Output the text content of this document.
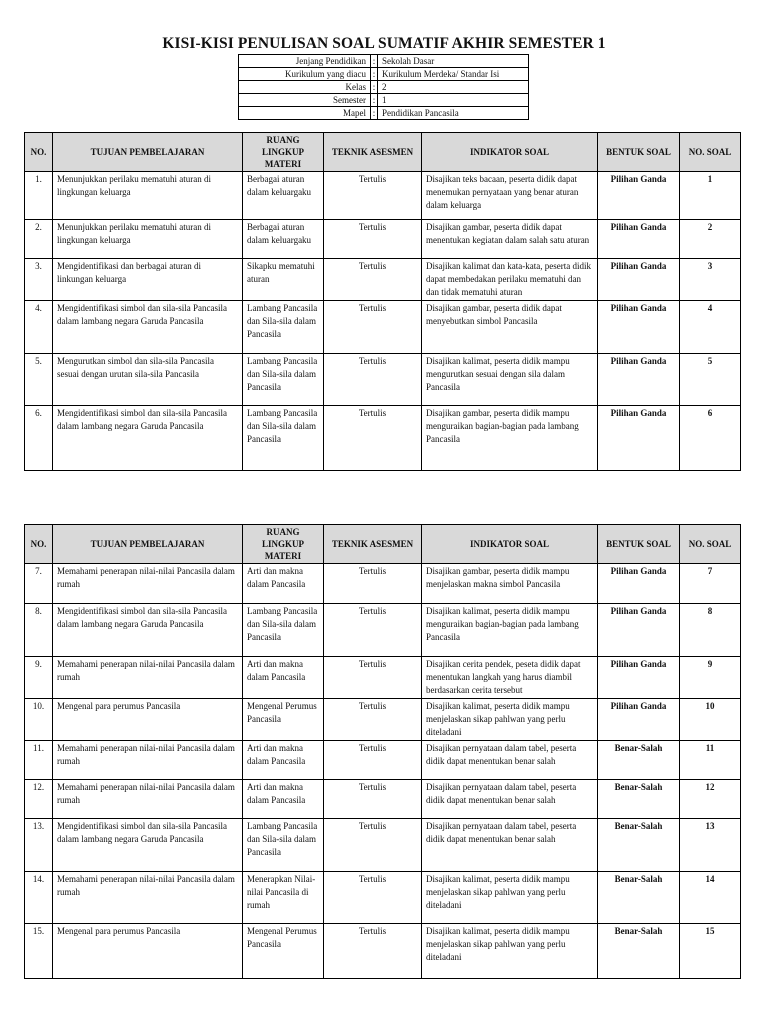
KISI-KISI PENULISAN SOAL SUMATIF AKHIR SEMESTER 1
Jenjang Pendidikan	:	Sekolah Dasar
Kurikulum yang diacu	:	Kurikulum Merdeka/ Standar Isi
Kelas	:	2
Semester	:	1
Mapel	:	Pendidikan Pancasila
NO.	TUJUAN PEMBELAJARAN	RUANG LINGKUP MATERI	TEKNIK ASESMEN	INDIKATOR SOAL	BENTUK SOAL	NO. SOAL
1.	Menunjukkan perilaku mematuhi aturan di lingkungan keluarga	Berbagai aturan dalam keluargaku	Tertulis	Disajikan teks bacaan, peserta didik dapat menemukan pernyataan yang benar aturan dalam keluarga	Pilihan Ganda	1
2.	Menunjukkan perilaku mematuhi aturan di lingkungan keluarga	Berbagai aturan dalam keluargaku	Tertulis	Disajikan gambar, peserta didik dapat menentukan kegiatan dalam salah satu aturan	Pilihan Ganda	2
3.	Mengidentifikasi dan berbagai aturan di linkungan keluarga	Sikapku mematuhi aturan	Tertulis	Disajikan kalimat dan kata-kata, peserta didik dapat membedakan perilaku mematuhi dan dan tidak mematuhi aturan	Pilihan Ganda	3
4.	Mengidentifikasi simbol dan sila-sila Pancasila dalam lambang negara Garuda Pancasila	Lambang Pancasila dan Sila-sila dalam Pancasila	Tertulis	Disajikan gambar, peserta didik dapat menyebutkan simbol Pancasila	Pilihan Ganda	4
5.	Mengurutkan simbol dan sila-sila Pancasila sesuai dengan urutan sila-sila Pancasila	Lambang Pancasila dan Sila-sila dalam Pancasila	Tertulis	Disajikan kalimat, peserta didik mampu mengurutkan sesuai dengan sila dalam Pancasila	Pilihan Ganda	5
6.	Mengidentifikasi simbol dan sila-sila Pancasila dalam lambang negara Garuda Pancasila	Lambang Pancasila dan Sila-sila dalam Pancasila	Tertulis	Disajikan gambar, peserta didik mampu menguraikan bagian-bagian pada lambang Pancasila	Pilihan Ganda	6
NO.	TUJUAN PEMBELAJARAN	RUANG LINGKUP MATERI	TEKNIK ASESMEN	INDIKATOR SOAL	BENTUK SOAL	NO. SOAL
7.	Memahami penerapan nilai-nilai Pancasila dalam rumah	Arti dan makna dalam Pancasila	Tertulis	Disajikan gambar, peserta didik mampu menjelaskan makna simbol Pancasila	Pilihan Ganda	7
8.	Mengidentifikasi simbol dan sila-sila Pancasila dalam lambang negara Garuda Pancasila	Lambang Pancasila dan Sila-sila dalam Pancasila	Tertulis	Disajikan kalimat, peserta didik mampu menguraikan bagian-bagian pada lambang Pancasila	Pilihan Ganda	8
9.	Memahami penerapan nilai-nilai Pancasila dalam rumah	Arti dan makna dalam Pancasila	Tertulis	Disajikan cerita pendek, peseta didik dapat menentukan langkah yang harus diambil berdasarkan cerita tersebut	Pilihan Ganda	9
10.	Mengenal para perumus Pancasila	Mengenal Perumus Pancasila	Tertulis	Disajikan kalimat, peserta didik mampu menjelaskan sikap pahlwan yang perlu diteladani	Pilihan Ganda	10
11.	Memahami penerapan nilai-nilai Pancasila dalam rumah	Arti dan makna dalam Pancasila	Tertulis	Disajikan pernyataan dalam tabel, peserta didik dapat menentukan benar salah	Benar-Salah	11
12.	Memahami penerapan nilai-nilai Pancasila dalam rumah	Arti dan makna dalam Pancasila	Tertulis	Disajikan pernyataan dalam tabel, peserta didik dapat menentukan benar salah	Benar-Salah	12
13.	Mengidentifikasi simbol dan sila-sila Pancasila dalam lambang negara Garuda Pancasila	Lambang Pancasila dan Sila-sila dalam Pancasila	Tertulis	Disajikan pernyataan dalam tabel, peserta didik dapat menentukan benar salah	Benar-Salah	13
14.	Memahami penerapan nilai-nilai Pancasila dalam rumah	Menerapkan Nilai-nilai Pancasila di rumah	Tertulis	Disajikan kalimat, peserta didik mampu menjelaskan sikap pahlwan yang perlu diteladani	Benar-Salah	14
15.	Mengenal para perumus Pancasila	Mengenal Perumus Pancasila	Tertulis	Disajikan kalimat, peserta didik mampu menjelaskan sikap pahlwan yang perlu diteladani	Benar-Salah	15
